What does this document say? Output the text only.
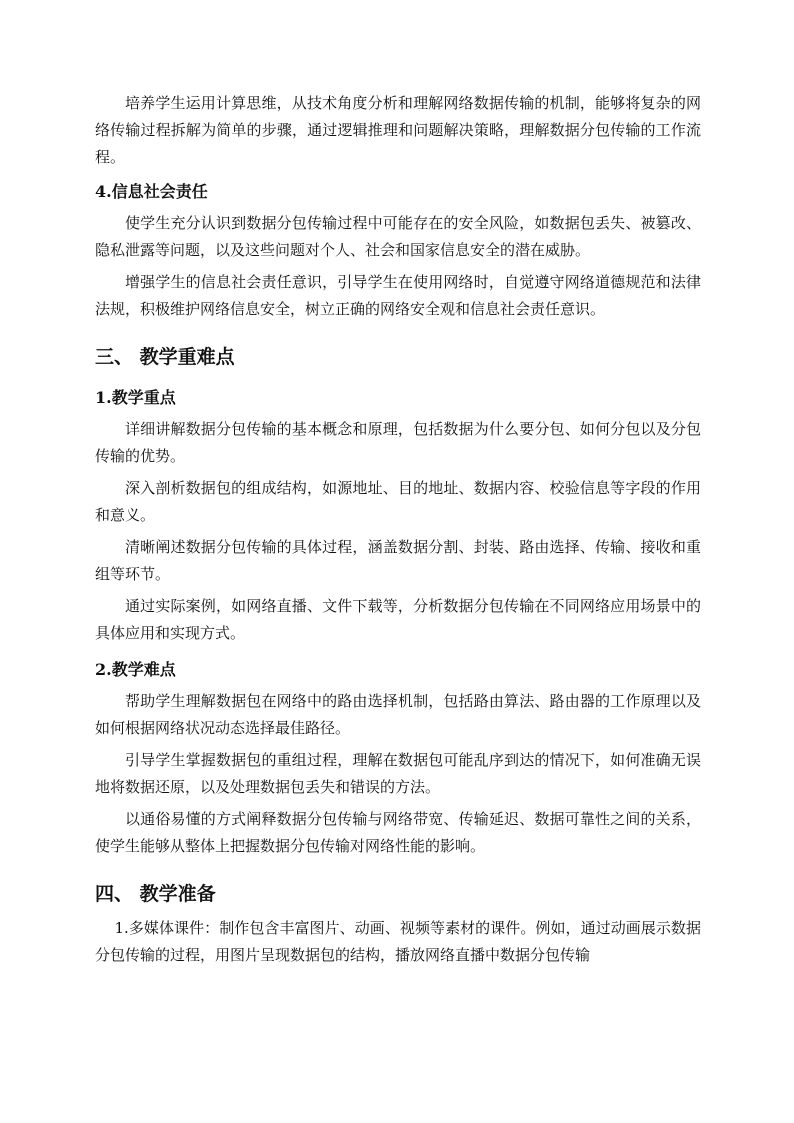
培养学生运用计算思维，从技术角度分析和理解网络数据传输的机制，能够将复杂的网络传输过程拆解为简单的步骤，通过逻辑推理和问题解决策略，理解数据分包传输的工作流程。

4.信息社会责任

使学生充分认识到数据分包传输过程中可能存在的安全风险，如数据包丢失、被篡改、隐私泄露等问题，以及这些问题对个人、社会和国家信息安全的潜在威胁。

增强学生的信息社会责任意识，引导学生在使用网络时，自觉遵守网络道德规范和法律法规，积极维护网络信息安全，树立正确的网络安全观和信息社会责任意识。

三、 教学重难点
1.教学重点

详细讲解数据分包传输的基本概念和原理，包括数据为什么要分包、如何分包以及分包传输的优势。

深入剖析数据包的组成结构，如源地址、目的地址、数据内容、校验信息等字段的作用和意义。

清晰阐述数据分包传输的具体过程，涵盖数据分割、封装、路由选择、传输、接收和重组等环节。

通过实际案例，如网络直播、文件下载等，分析数据分包传输在不同网络应用场景中的具体应用和实现方式。

2.教学难点

帮助学生理解数据包在网络中的路由选择机制，包括路由算法、路由器的工作原理以及如何根据网络状况动态选择最佳路径。

引导学生掌握数据包的重组过程，理解在数据包可能乱序到达的情况下，如何准确无误地将数据还原，以及处理数据包丢失和错误的方法。

以通俗易懂的方式阐释数据分包传输与网络带宽、传输延迟、数据可靠性之间的关系，使学生能够从整体上把握数据分包传输对网络性能的影响。

四、 教学准备

1.多媒体课件：制作包含丰富图片、动画、视频等素材的课件。例如，通过动画展示数据分包传输的过程，用图片呈现数据包的结构，播放网络直播中数据分包传输
